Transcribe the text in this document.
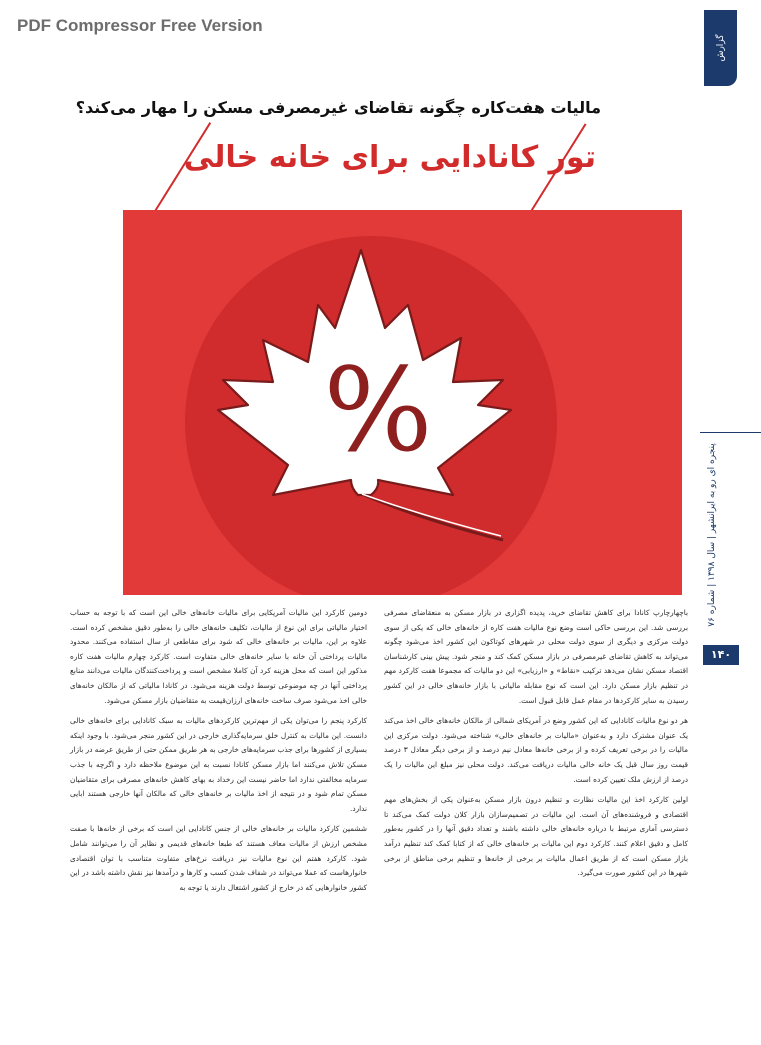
PDF Compressor Free Version
گزارش
مالیات هفت‌کاره چگونه تقاضای غیرمصرفی مسکن را مهار می‌کند؟
تور کانادایی برای خانه خالی
%
پنجره ای رو به ایرانشهر | سال ۱۳۹۸ | شماره ۷۶
۱۴۰

باچهارچارپ کانادا برای کاهش تقاضای خرید، پدیده اگزاری در بازار مسکن به منعقاضای مصرفی بررسی شد. این بررسی حاکی است وضع نوع مالیات هفت کاره از خانه‌های خالی که یکی از سوی دولت مرکزی و دیگری از سوی دولت محلی در شهرهای کوتاکون این کشور اخذ می‌شود چگونه می‌تواند به کاهش تقاضای غیرمصرفی در بازار مسکن کمک کند و منجر شود. پیش بینی کارشناسان اقتصاد مسکن نشان می‌دهد ترکیب «نقاط» و «ارزیابی» این دو مالیات که مجموعا هفت کارکرد مهم در تنظیم بازار مسکن دارد. این است که نوع مقابله مالیاتی با بازار خانه‌های خالی در این کشور رسیدن به سایر کارکردها در مقام عمل قابل قبول است.

هر دو نوع مالیات کانادایی که این کشور وضع در آمریکای شمالی از مالکان خانه‌های خالی اخذ می‌کند یک عنوان مشترک دارد و به‌عنوان «مالیات بر خانه‌های خالی» شناخته می‌شود. دولت مرکزی این مالیات را در برخی تعریف کرده و از برخی خانه‌ها معادل نیم درصد و از برخی دیگر معادل ۳ درصد قیمت روز سال قبل یک خانه خالی مالیات دریافت می‌کند. دولت محلی نیز مبلغ این مالیات را یک درصد از ارزش ملک تعیین کرده است.

اولین کارکرد اخذ این مالیات نظارت و تنظیم درون بازار مسکن به‌عنوان یکی از بخش‌های مهم اقتصادی و فروشنده‌های آن است. این مالیات در تصمیم‌سازان بازار کلان دولت کمک می‌کند تا دسترسی آماری مرتبط با درباره خانه‌های خالی داشته باشند و تعداد دقیق آنها را در کشور به‌طور کامل و دقیق اعلام کنند. کارکرد دوم این مالیات بر خانه‌های خالی که از کتابا کمک کند تنظیم درآمد بازار مسکن است که از طریق اعمال مالیات بر برخی از خانه‌ها و تنظیم برخی مناطق از برخی شهرها در این کشور صورت می‌گیرد.

دومین کارکرد این مالیات آمریکایی برای مالیات خانه‌های خالی این است که با توجه به حساب اختیار مالیاتی برای این نوع از مالیات، تکلیف خانه‌های خالی را به‌طور دقیق مشخص کرده است. علاوه بر این، مالیات بر خانه‌های خالی که شود برای مقاطعی از سال استفاده می‌کنند. محدود مالیات پرداختی آن خانه با سایر خانه‌های خالی متفاوت است. کارکرد چهارم مالیات هفت کاره مذکور این است که محل هزینه کرد آن کاملا مشخص است و پرداخت‌کنندگان مالیات می‌دانند منابع پرداختی آنها در چه موضوعی توسط دولت هزینه می‌شود. در کانادا مالیاتی که از مالکان خانه‌های خالی اخذ می‌شود صرف ساخت خانه‌های ارزان‌قیمت به متقاضیان بازار مسکن می‌شود.

کارکرد پنجم را می‌توان یکی از مهم‌ترین کارکردهای مالیات به سبک کانادایی برای خانه‌های خالی دانست. این مالیات به کنترل خلق سرمایه‌گذاری خارجی در این کشور منجر می‌شود. با وجود اینکه بسیاری از کشورها برای جذب سرمایه‌های خارجی به هر طریق ممکن حتی از طریق عرضه در بازار مسکن تلاش می‌کنند اما بازار مسکن کانادا نسبت به این موضوع ملاحظه دارد و اگرچه با جذب سرمایه مخالفتی ندارد اما حاضر نیست این رخداد به بهای کاهش خانه‌های مصرفی برای متقاضیان مسکن تمام شود و در نتیجه از اخذ مالیات بر خانه‌های خالی که مالکان آنها خارجی هستند ابایی ندارد.

ششمین کارکرد مالیات بر خانه‌های خالی از جنس کانادایی این است که برخی از خانه‌ها با صفت مشخص ارزش از مالیات معاف هستند که طبعا خانه‌های قدیمی و نظایر آن را می‌توانند شامل شود. کارکرد هفتم این نوع مالیات نیز دریافت نرخ‌های متفاوت متناسب با توان اقتصادی خانوارهاست که عملا می‌تواند در شفاف شدن کسب و کارها و درآمدها نیز نقش داشته باشد در این کشور خانوارهایی که در خارج از کشور اشتغال دارند یا توجه به
